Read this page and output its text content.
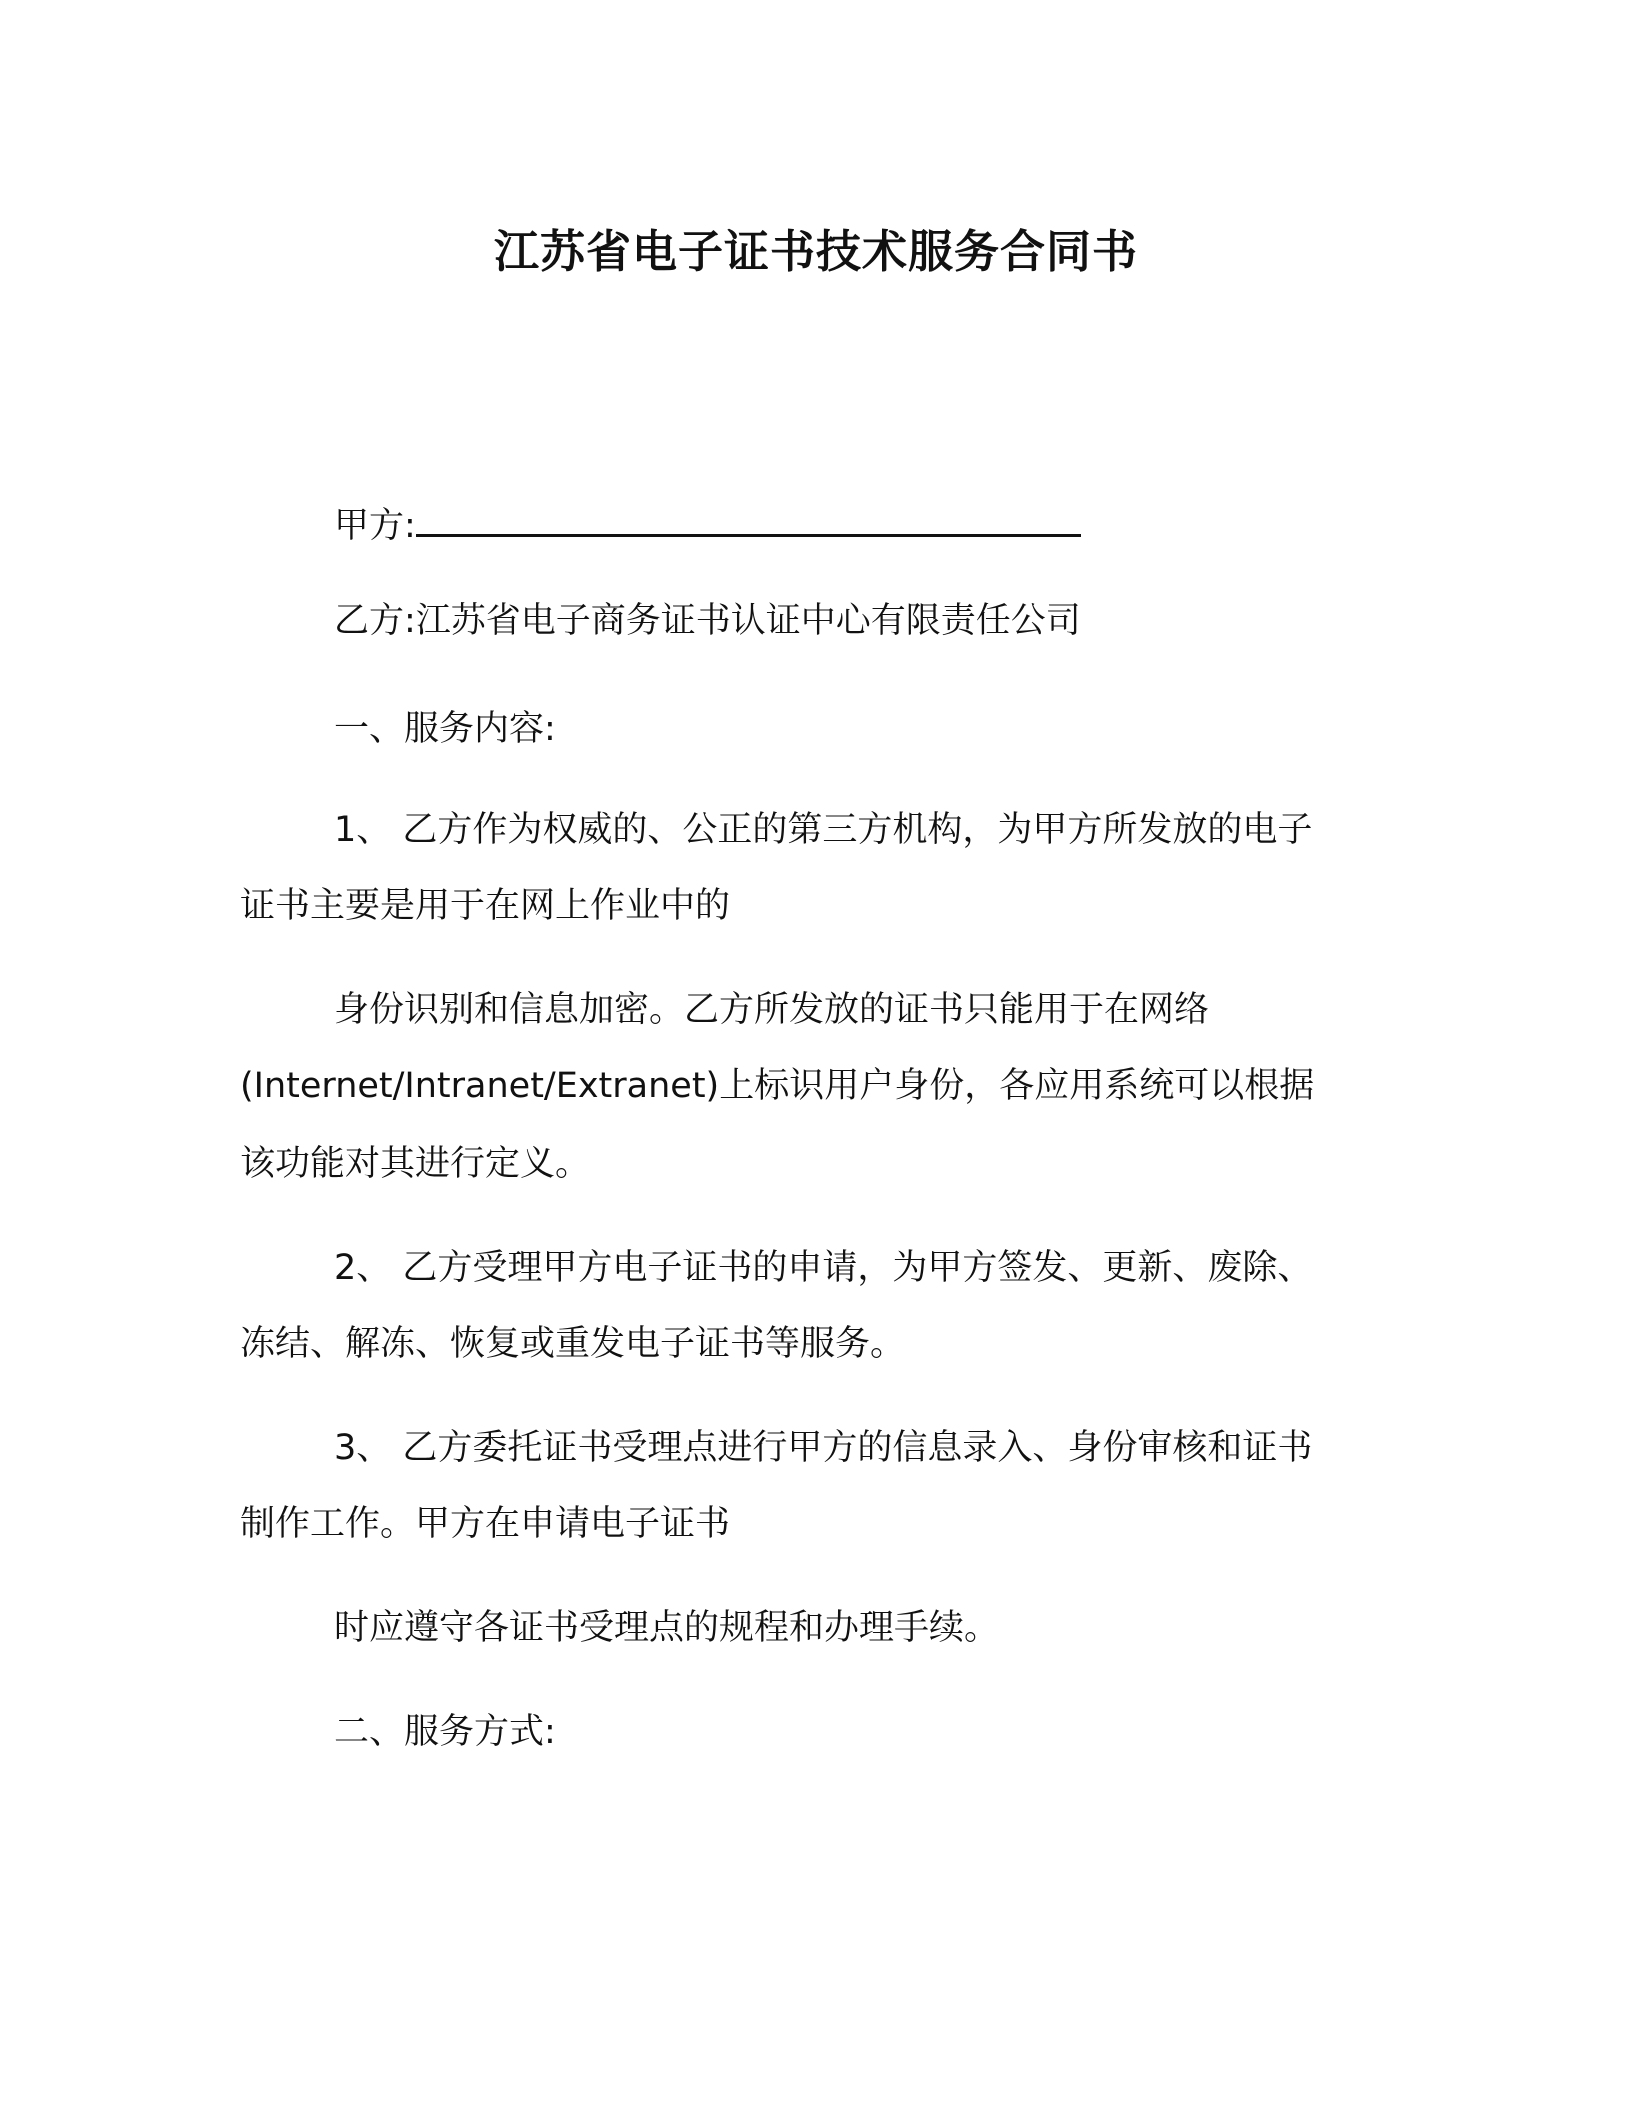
江苏省电子证书技术服务合同书
甲方:
乙方:江苏省电子商务证书认证中心有限责任公司
一、服务内容:
1、 乙方作为权威的、公正的第三方机构，为甲方所发放的电子
证书主要是用于在网上作业中的
身份识别和信息加密。乙方所发放的证书只能用于在网络
(Internet/Intranet/Extranet)上标识用户身份，各应用系统可以根据
该功能对其进行定义。
2、 乙方受理甲方电子证书的申请，为甲方签发、更新、废除、
冻结、解冻、恢复或重发电子证书等服务。
3、 乙方委托证书受理点进行甲方的信息录入、身份审核和证书
制作工作。甲方在申请电子证书
时应遵守各证书受理点的规程和办理手续。
二、服务方式:
